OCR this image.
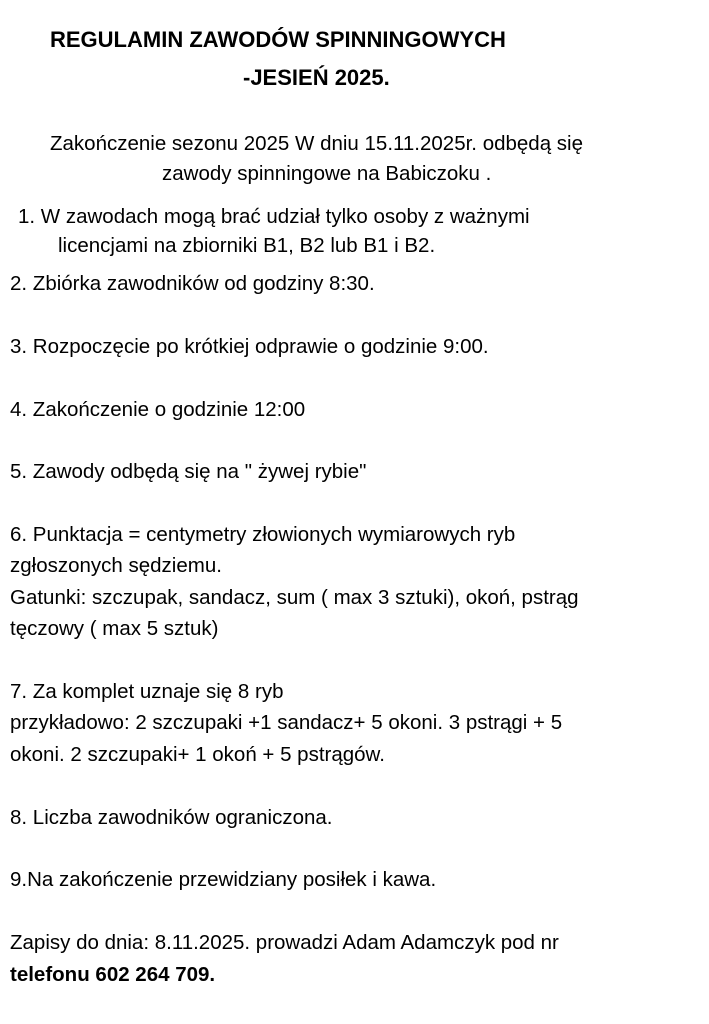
REGULAMIN ZAWODÓW SPINNINGOWYCH
-JESIEŃ 2025.
Zakończenie sezonu 2025 W dniu 15.11.2025r. odbędą się
zawody spinningowe na Babiczoku .
1. W zawodach mogą brać udział tylko osoby z ważnymi
licencjami na zbiorniki B1, B2 lub B1 i B2.
2. Zbiórka zawodników od godziny 8:30.
3. Rozpoczęcie po krótkiej odprawie o godzinie 9:00.
4. Zakończenie o godzinie 12:00
5. Zawody odbędą się na " żywej rybie"
6. Punktacja = centymetry złowionych wymiarowych ryb
zgłoszonych sędziemu.
Gatunki: szczupak, sandacz, sum ( max 3 sztuki), okoń, pstrąg
tęczowy ( max 5 sztuk)
7. Za komplet uznaje się 8 ryb
przykładowo: 2 szczupaki +1 sandacz+ 5 okoni. 3 pstrągi + 5
okoni. 2 szczupaki+ 1 okoń + 5 pstrągów.
8. Liczba zawodników ograniczona.
9.Na zakończenie przewidziany posiłek i kawa.
Zapisy do dnia: 8.11.2025. prowadzi Adam Adamczyk pod nr
telefonu 602 264 709.
